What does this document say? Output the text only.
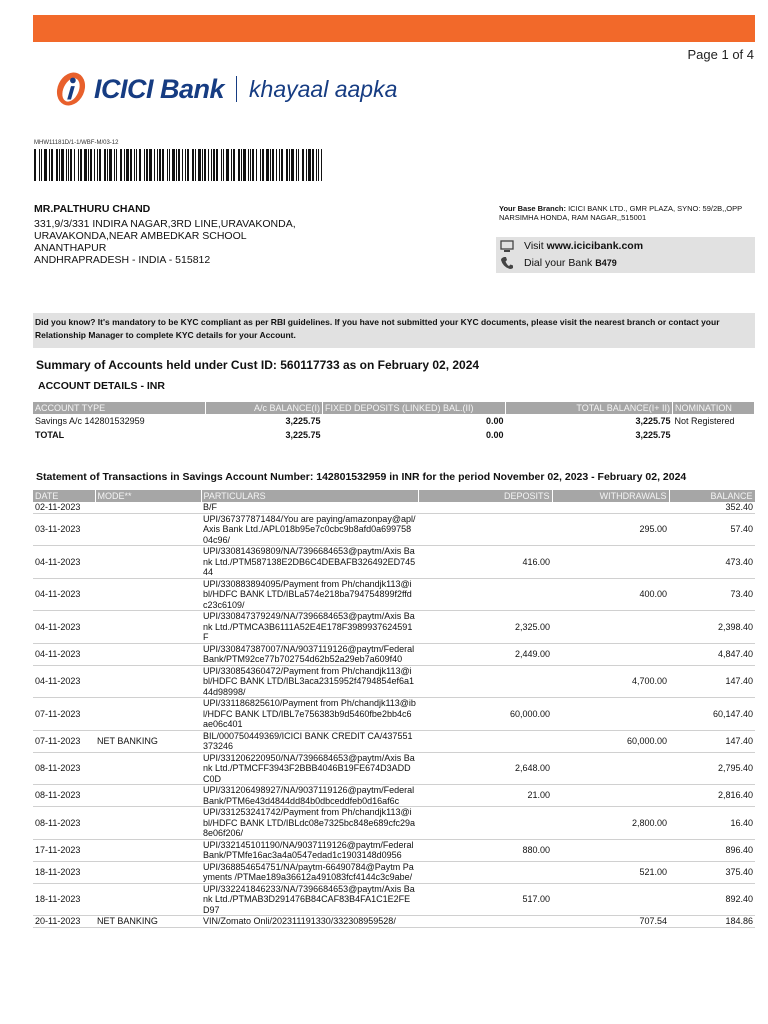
Page 1 of 4
ICICI Bank khayaal aapka
MHW11181D/1-1/WBF-M/03-12
MR.PALTHURU CHAND
331,9/3/331 INDIRA NAGAR,3RD LINE,URAVAKONDA,
URAVAKONDA,NEAR AMBEDKAR SCHOOL
ANANTHAPUR
ANDHRAPRADESH - INDIA - 515812
Your Base Branch: ICICI BANK LTD., GMR PLAZA, SYNO: 59/2B,,OPP NARSIMHA HONDA, RAM NAGAR,,515001
Visit
www.icicibank.com
Dial your Bank
B479
Did you know? It's mandatory to be KYC compliant as per RBI guidelines. If you have not submitted your KYC documents, please visit the nearest branch or contact your Relationship Manager to complete KYC details for your Account.
Summary of Accounts held under Cust ID: 560117733 as on February 02, 2024
ACCOUNT DETAILS - INR
ACCOUNT TYPE	A/c BALANCE(I)	FIXED DEPOSITS (LINKED) BAL.(II)	TOTAL BALANCE(I+ II)	NOMINATION
Savings A/c 142801532959	3,225.75	0.00	3,225.75	Not Registered
TOTAL	3,225.75	0.00	3,225.75	
Statement of Transactions in Savings Account Number: 142801532959 in INR for the period November 02, 2023 - February 02, 2024
DATE	MODE**	PARTICULARS	DEPOSITS	WITHDRAWALS	BALANCE
02-11-2023		B/F			352.40
03-11-2023		UPI/367377871484/You are paying/amazonpay@apl/Axis Bank Ltd./APL018b95e7c0cbc9b8afd0a69975804c96/		295.00	57.40
04-11-2023		UPI/330814369809/NA/7396684653@paytm/Axis Bank Ltd./PTM587138E2DB6C4DEBAFB326492ED74544	416.00		473.40
04-11-2023		UPI/330883894095/Payment from Ph/chandjk113@ibl/HDFC BANK LTD/IBLa574e218ba794754899f2ffdc23c6109/		400.00	73.40
04-11-2023		UPI/330847379249/NA/7396684653@paytm/Axis Bank Ltd./PTMCA3B6111A52E4E178F3989937624591F	2,325.00		2,398.40
04-11-2023		UPI/330847387007/NA/9037119126@paytm/Federal Bank/PTM92ce77b702754d62b52a29eb7a609f40	2,449.00		4,847.40
04-11-2023		UPI/330854360472/Payment from Ph/chandjk113@ibl/HDFC BANK LTD/IBL3aca2315952f4794854ef6a144d98998/		4,700.00	147.40
07-11-2023		UPI/331186825610/Payment from Ph/chandjk113@ibl/HDFC BANK LTD/IBL7e756383b9d5460fbe2bb4c6ae06c401	60,000.00		60,147.40
07-11-2023	NET BANKING	BIL/000750449369/ICICI BANK CREDIT CA/437551373246		60,000.00	147.40
08-11-2023		UPI/331206220950/NA/7396684653@paytm/Axis Bank Ltd./PTMCFF3943F2BBB4046B19FE674D3ADDC0D	2,648.00		2,795.40
08-11-2023		UPI/331206498927/NA/9037119126@paytm/Federal Bank/PTM6e43d4844dd84b0dbceddfeb0d16af6c	21.00		2,816.40
08-11-2023		UPI/331253241742/Payment from Ph/chandjk113@ibl/HDFC BANK LTD/IBLdc08e7325bc848e689cfc29a8e06f206/		2,800.00	16.40
17-11-2023		UPI/332145101190/NA/9037119126@paytm/Federal Bank/PTMfe16ac3a4a0547edad1c1903148d0956	880.00		896.40
18-11-2023		UPI/368854654751/NA/paytm-66490784@Paytm Payments /PTMae189a36612a491083fcf4144c3c9abe/		521.00	375.40
18-11-2023		UPI/332241846233/NA/7396684653@paytm/Axis Bank Ltd./PTMAB3D291476B84CAF83B4FA1C1E2FED97	517.00		892.40
20-11-2023	NET BANKING	VIN/Zomato Onli/202311191330/332308959528/		707.54	184.86
